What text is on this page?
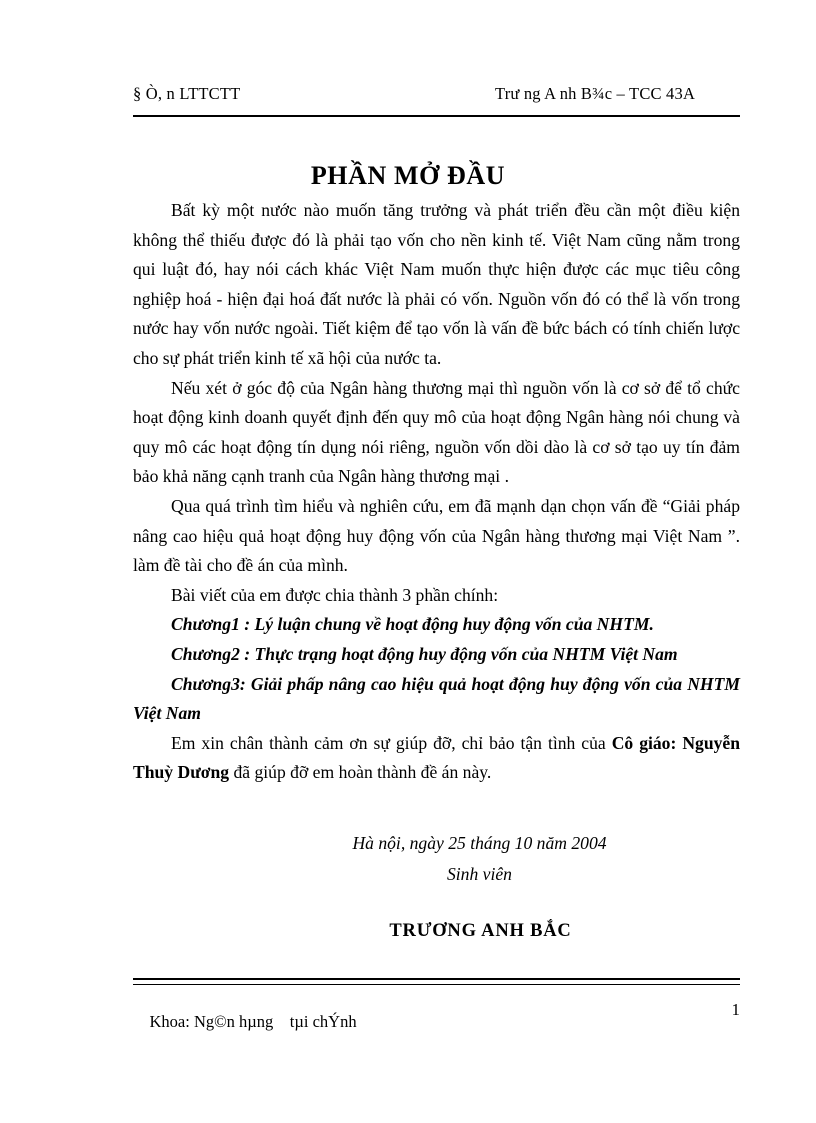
§ Ò, n LTTCTT	Trư ng A nh B¾c – TCC 43A
PHẦN MỞ ĐẦU

Bất kỳ một nước nào muốn tăng trưởng và phát triển đều cần một điều kiện không thể thiếu được đó là phải tạo vốn cho nền kinh tế. Việt Nam cũng nằm trong qui luật đó, hay nói cách khác Việt Nam muốn thực hiện được các mục tiêu công nghiệp hoá - hiện đại hoá đất nước là phải có vốn. Nguồn vốn đó có thể là vốn trong nước hay vốn nước ngoài. Tiết kiệm để tạo vốn là vấn đề bức bách có tính chiến lược cho sự phát triển kinh tế xã hội của nước ta.

Nếu xét ở góc độ của Ngân hàng thương mại thì nguồn vốn là cơ sở để tổ chức hoạt động kinh doanh quyết định đến quy mô của hoạt động Ngân hàng nói chung và quy mô các hoạt động tín dụng nói riêng, nguồn vốn dồi dào là cơ sở tạo uy tín đảm bảo khả năng cạnh tranh của Ngân hàng thương mại .

Qua quá trình tìm hiểu và nghiên cứu, em đã mạnh dạn chọn vấn đề “Giải pháp nâng cao hiệu quả hoạt động huy động vốn của Ngân hàng thương mại Việt Nam ”. làm đề tài cho đề án của mình.

Bài viết của em được chia thành 3 phần chính:

Chương1 : Lý luận chung về hoạt động huy động vốn của NHTM.

Chương2 : Thực trạng hoạt động huy động vốn của NHTM Việt Nam

Chương3: Giải phấp nâng cao hiệu quả hoạt động huy động vốn của NHTM Việt Nam

Em xin chân thành cảm ơn sự giúp đỡ, chỉ bảo tận tình của Cô giáo: Nguyễn Thuỳ Dương đã giúp đỡ em hoàn thành đề án này.

Hà nội, ngày 25 tháng 10 năm 2004

Sinh viên

TRƯƠNG ANH BẮC

Khoa: Ng©n hµng    tµi chÝnh

1
